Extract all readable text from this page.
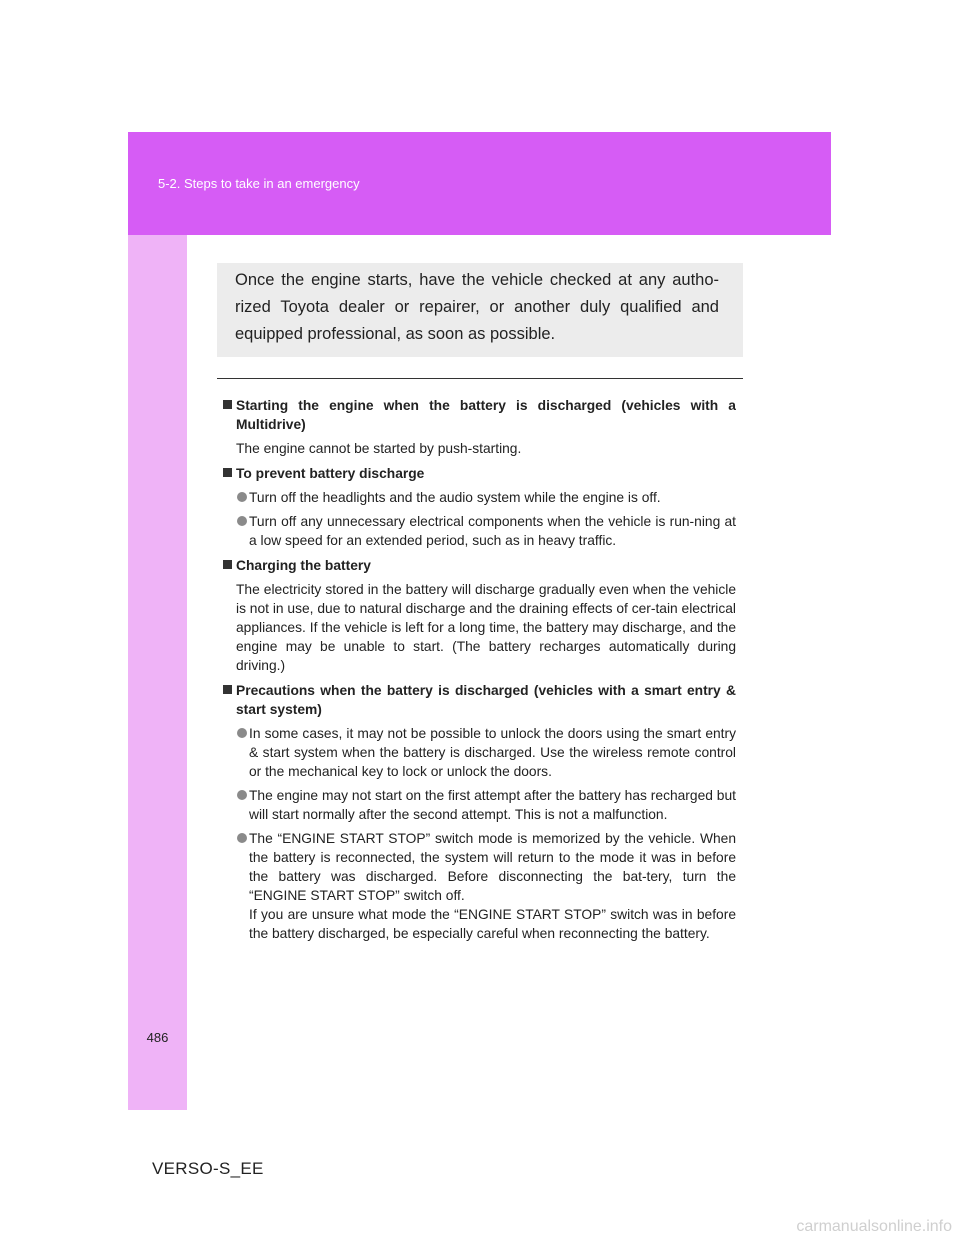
5-2. Steps to take in an emergency
Once the engine starts, have the vehicle checked at any autho-rized Toyota dealer or repairer, or another duly qualified and equipped professional, as soon as possible.
Starting the engine when the battery is discharged (vehicles with a Multidrive)
The engine cannot be started by push-starting.
To prevent battery discharge
Turn off the headlights and the audio system while the engine is off.
Turn off any unnecessary electrical components when the vehicle is run-ning at a low speed for an extended period, such as in heavy traffic.
Charging the battery
The electricity stored in the battery will discharge gradually even when the vehicle is not in use, due to natural discharge and the draining effects of cer-tain electrical appliances. If the vehicle is left for a long time, the battery may discharge, and the engine may be unable to start. (The battery recharges automatically during driving.)
Precautions when the battery is discharged (vehicles with a smart entry & start system)
In some cases, it may not be possible to unlock the doors using the smart entry & start system when the battery is discharged. Use the wireless remote control or the mechanical key to lock or unlock the doors.
The engine may not start on the first attempt after the battery has recharged but will start normally after the second attempt. This is not a malfunction.
The “ENGINE START STOP” switch mode is memorized by the vehicle. When the battery is reconnected, the system will return to the mode it was in before the battery was discharged. Before disconnecting the bat-tery, turn the “ENGINE START STOP” switch off.
If you are unsure what mode the “ENGINE START STOP” switch was in before the battery discharged, be especially careful when reconnecting the battery.
486
VERSO-S_EE
carmanualsonline.info
